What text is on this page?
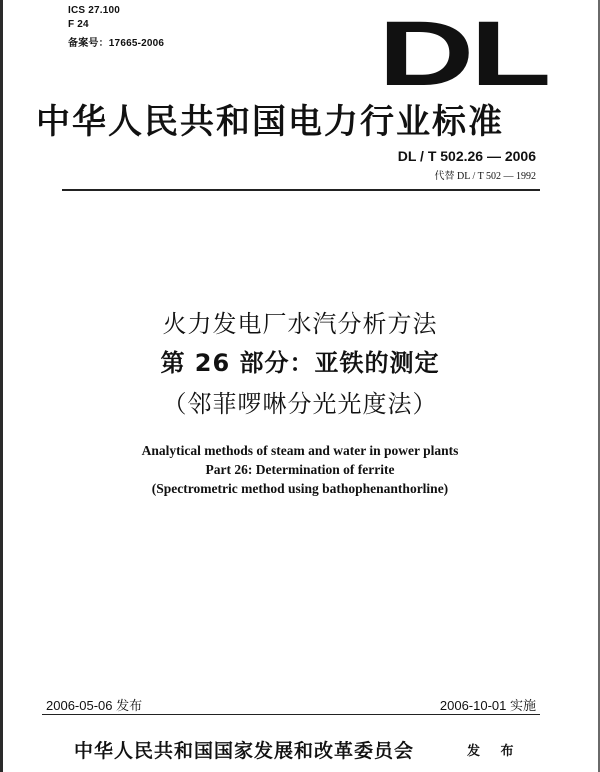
ICS 27.100
F 24
备案号：17665-2006 DL
中华人民共和国电力行业标准
DL / T 502.26 — 2006
代替 DL / T 502 — 1992
火力发电厂水汽分析方法
第 26 部分：亚铁的测定
（邻菲啰啉分光光度法）
Analytical methods of steam and water in power plants
Part 26: Determination of ferrite
(Spectrometric method using bathophenanthorline)
2006-05-06 发布	2006-10-01 实施
中华人民共和国国家发展和改革委员会	发 布
